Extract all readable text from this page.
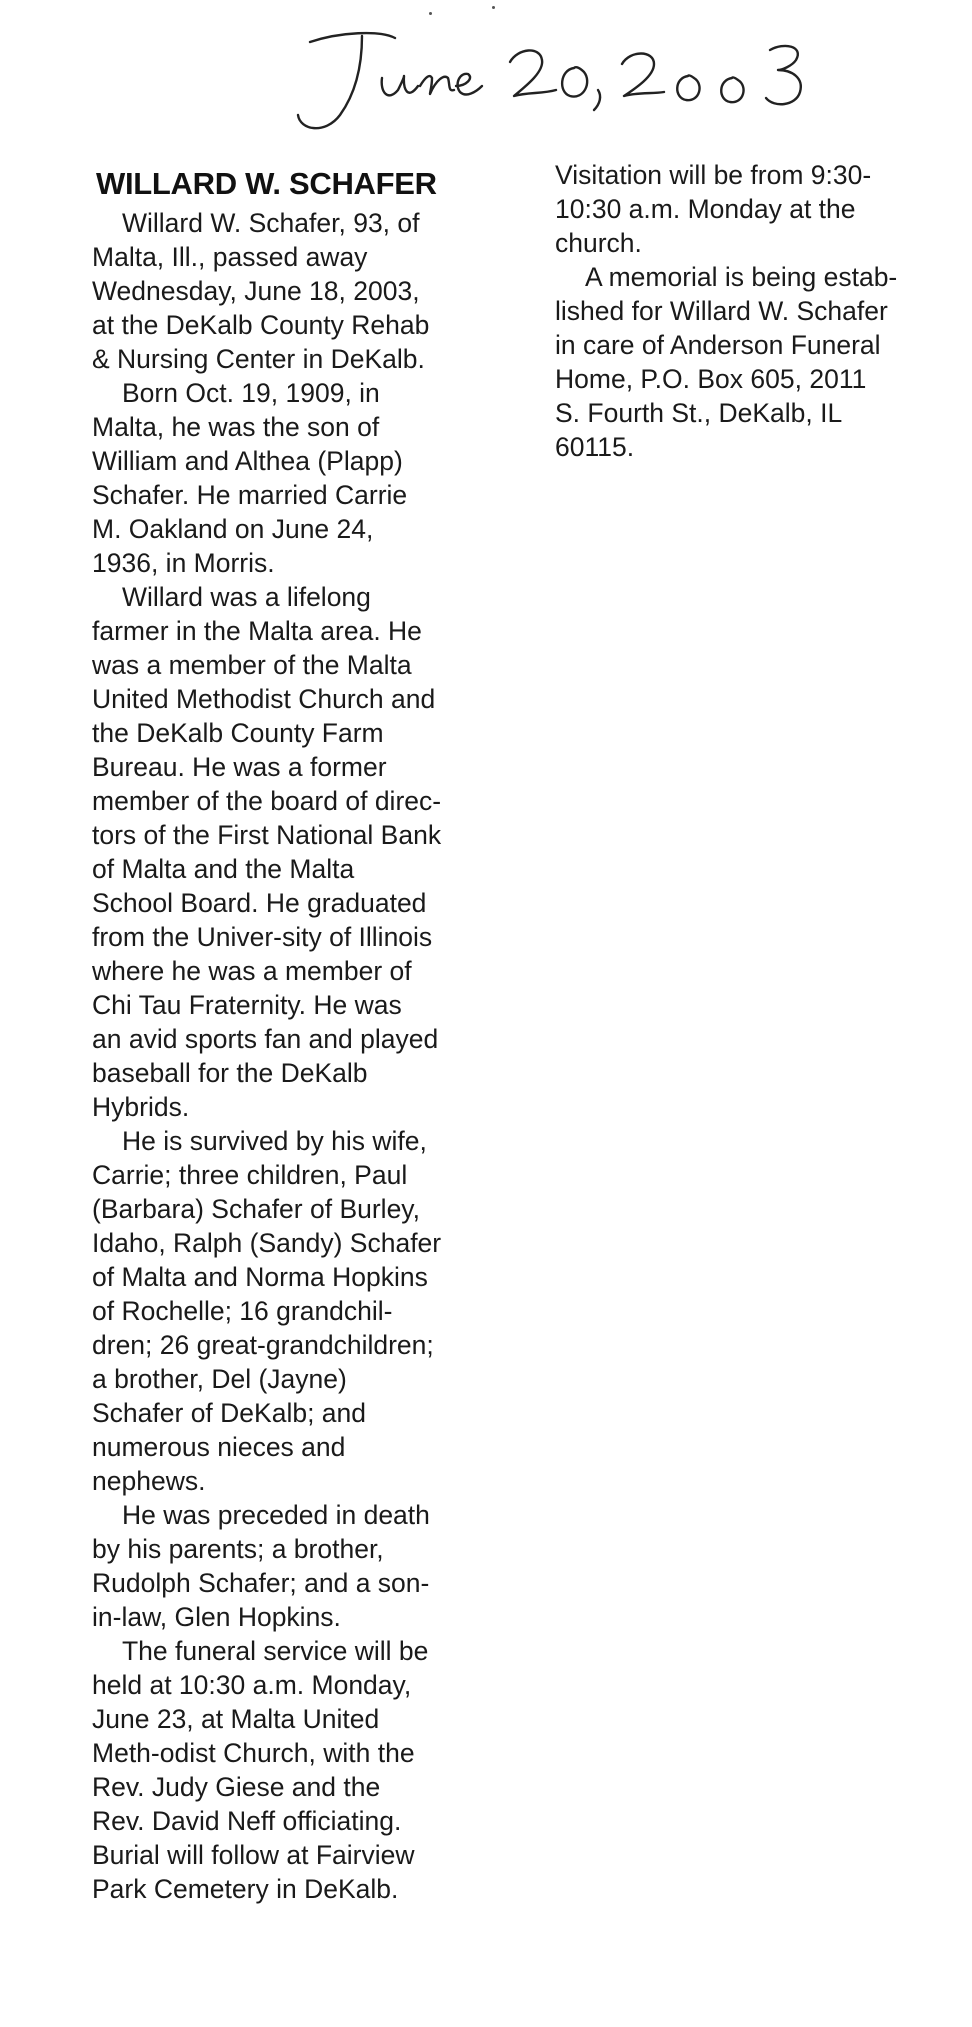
WILLARD W. SCHAFER
Willard W. Schafer, 93, of
Malta, Ill., passed away
Wednesday, June 18, 2003,
at the DeKalb County Rehab
& Nursing Center in DeKalb.
Born Oct. 19, 1909, in
Malta, he was the son of
William and Althea (Plapp)
Schafer. He married Carrie
M. Oakland on June 24,
1936, in Morris.
Willard was a lifelong
farmer in the Malta area. He
was a member of the Malta
United Methodist Church and
the DeKalb County Farm
Bureau. He was a former
member of the board of direc-
tors of the First National Bank
of Malta and the Malta
School Board. He graduated
from the Univer-sity of Illinois
where he was a member of
Chi Tau Fraternity. He was
an avid sports fan and played
baseball for the DeKalb
Hybrids.
He is survived by his wife,
Carrie; three children, Paul
(Barbara) Schafer of Burley,
Idaho, Ralph (Sandy) Schafer
of Malta and Norma Hopkins
of Rochelle; 16 grandchil-
dren; 26 great-grandchildren;
a brother, Del (Jayne)
Schafer of DeKalb; and
numerous nieces and
nephews.
He was preceded in death
by his parents; a brother,
Rudolph Schafer; and a son-
in-law, Glen Hopkins.
The funeral service will be
held at 10:30 a.m. Monday,
June 23, at Malta United
Meth-odist Church, with the
Rev. Judy Giese and the
Rev. David Neff officiating.
Burial will follow at Fairview
Park Cemetery in DeKalb.
Visitation will be from 9:30-
10:30 a.m. Monday at the
church.
A memorial is being estab-
lished for Willard W. Schafer
in care of Anderson Funeral
Home, P.O. Box 605, 2011
S. Fourth St., DeKalb, IL
60115.
